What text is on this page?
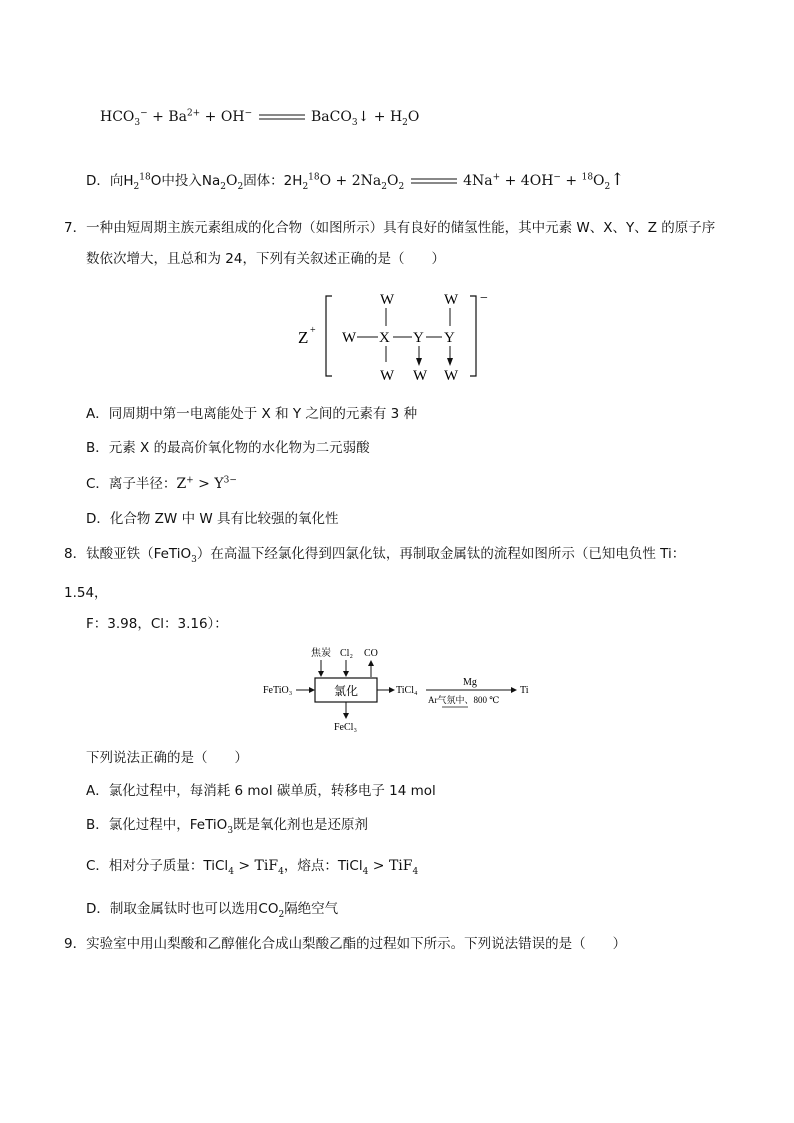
$HCO_3^- + Ba^{2+} + OH^-$	BaCO$_3$↓ + $H_2O$
D．向$H_2^{18}O$中投入$Na_2O_2$固体：$2H_2^{18}O + 2Na_2O_2$	$4Na^+ + 4OH^- + ^{18}O_2↑$
7．一种由短周期主族元素组成的化合物（如图所示）具有良好的储氢性能，其中元素 W、X、Y、Z 的原子序
数依次增大，且总和为 24，下列有关叙述正确的是（　　）
Z +
−
W	W
W X Y Y
W W W
A．同周期中第一电离能处于 X 和 Y 之间的元素有 3 种
B．元素 X 的最高价氧化物的水化物为二元弱酸
C．离子半径：$Z^+ > Y^{3-}$
D．化合物 ZW 中 W 具有比较强的氧化性
8．钛酸亚铁（FeTiO$_3$）在高温下经氯化得到四氯化钛，再制取金属钛的流程如图所示（已知电负性 Ti：
1.54，
F：3.98，Cl：3.16）：
焦炭 Cl₂ CO
FeTiO₃	氯化	TiCl₄
Mg
Ar气氛中、800 ℃
Ti
FeCl₃
下列说法正确的是（　　）
A．氯化过程中，每消耗 6 mol 碳单质，转移电子 14 mol
B．氯化过程中，FeTiO$_3$既是氧化剂也是还原剂
C．相对分子质量：TiCl$_4$ > TiF$_4$，熔点：TiCl$_4$ > TiF$_4$
D．制取金属钛时也可以选用$CO_2$隔绝空气
9．实验室中用山梨酸和乙醇催化合成山梨酸乙酯的过程如下所示。下列说法错误的是（　　）
